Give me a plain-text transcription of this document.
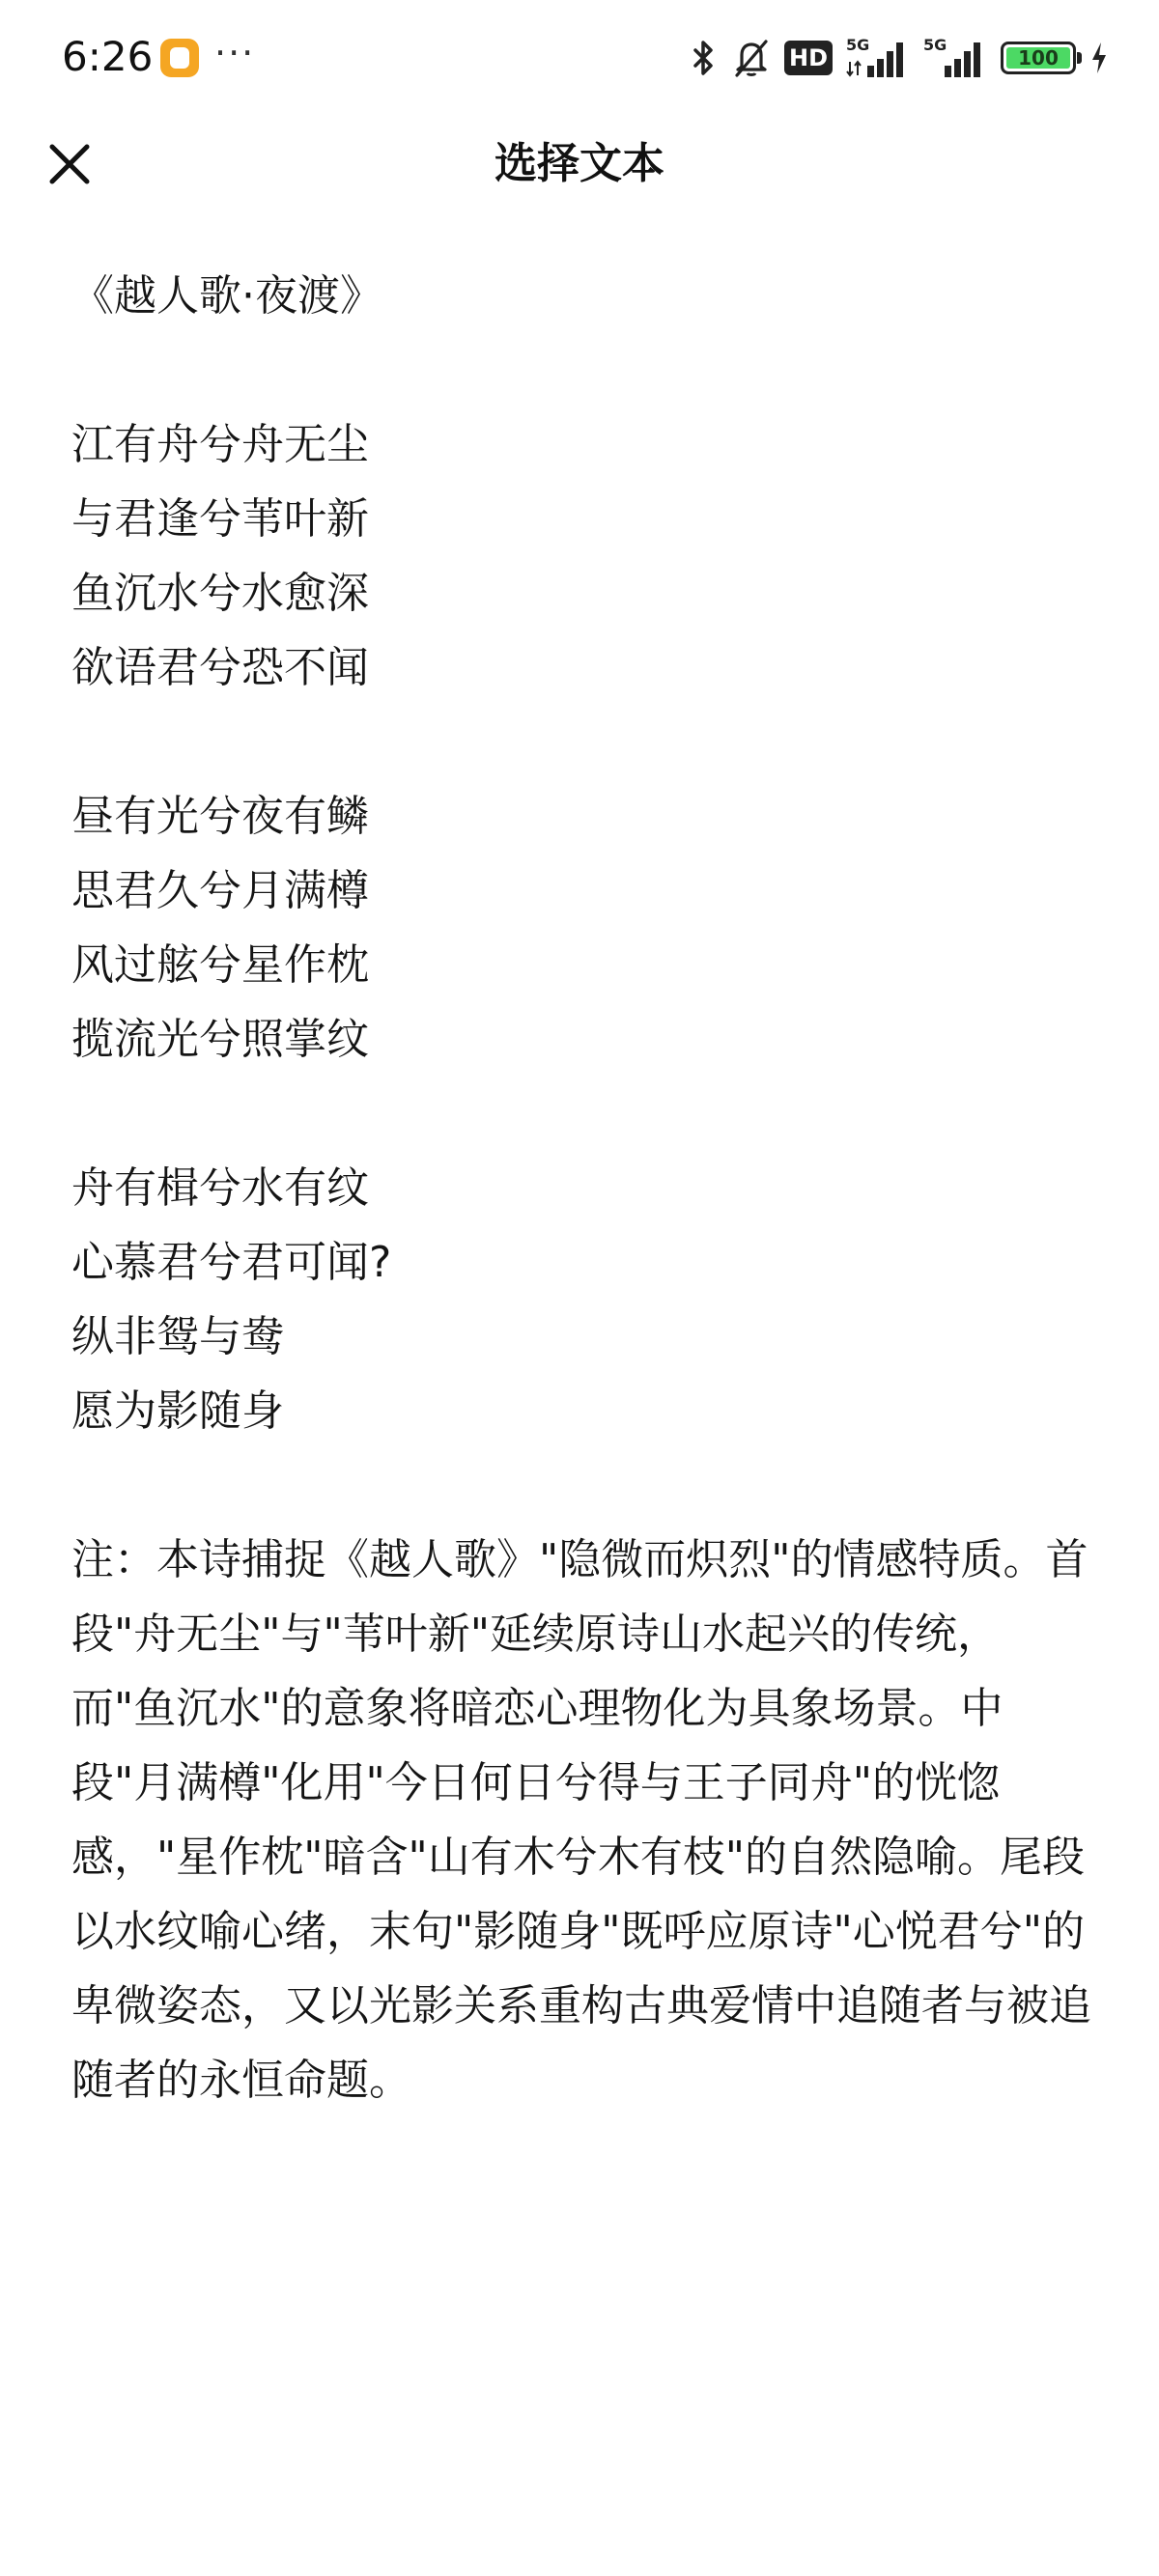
6:26 ···	HD	5G	5G
100
选择文本

《越人歌·夜渡》

江有舟兮舟无尘

与君逢兮苇叶新

鱼沉水兮水愈深

欲语君兮恐不闻

昼有光兮夜有鳞

思君久兮月满樽

风过舷兮星作枕

揽流光兮照掌纹

舟有楫兮水有纹

心慕君兮君可闻?

纵非鸳与鸯

愿为影随身

注：本诗捕捉《越人歌》"隐微而炽烈"的情感特质。首段"舟无尘"与"苇叶新"延续原诗山水起兴的传统，而"鱼沉水"的意象将暗恋心理物化为具象场景。中段"月满樽"化用"今日何日兮得与王子同舟"的恍惚感，"星作枕"暗含"山有木兮木有枝"的自然隐喻。尾段以水纹喻心绪，末句"影随身"既呼应原诗"心悦君兮"的卑微姿态，又以光影关系重构古典爱情中追随者与被追随者的永恒命题。
